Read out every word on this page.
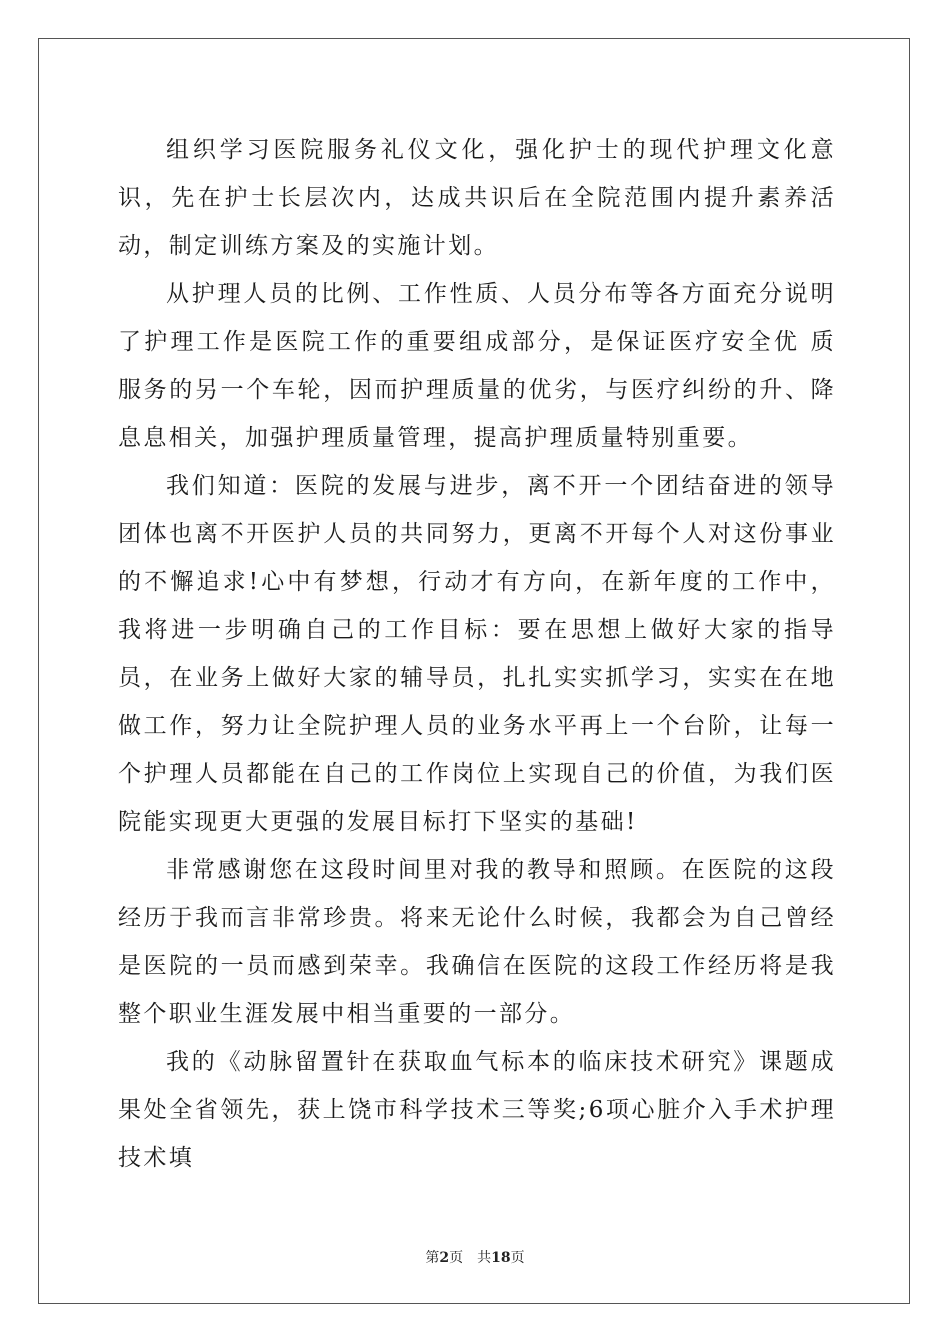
组织学习医院服务礼仪文化，强化护士的现代护理文化意识，先在护士长层次内，达成共识后在全院范围内提升素养活动，制定训练方案及的实施计划。

从护理人员的比例、工作性质、人员分布等各方面充分说明了护理工作是医院工作的重要组成部分，是保证医疗安全优 质服务的另一个车轮，因而护理质量的优劣，与医疗纠纷的升、降息息相关，加强护理质量管理，提高护理质量特别重要。

我们知道：医院的发展与进步，离不开一个团结奋进的领导团体也离不开医护人员的共同努力，更离不开每个人对这份事业的不懈追求!心中有梦想，行动才有方向，在新年度的工作中，我将进一步明确自己的工作目标：要在思想上做好大家的指导员，在业务上做好大家的辅导员，扎扎实实抓学习，实实在在地做工作，努力让全院护理人员的业务水平再上一个台阶，让每一个护理人员都能在自己的工作岗位上实现自己的价值，为我们医院能实现更大更强的发展目标打下坚实的基础!

非常感谢您在这段时间里对我的教导和照顾。在医院的这段经历于我而言非常珍贵。将来无论什么时候，我都会为自己曾经是医院的一员而感到荣幸。我确信在医院的这段工作经历将是我整个职业生涯发展中相当重要的一部分。

我的《动脉留置针在获取血气标本的临床技术研究》课题成果处全省领先，获上饶市科学技术三等奖;6项心脏介入手术护理技术填

第2页 共18页
